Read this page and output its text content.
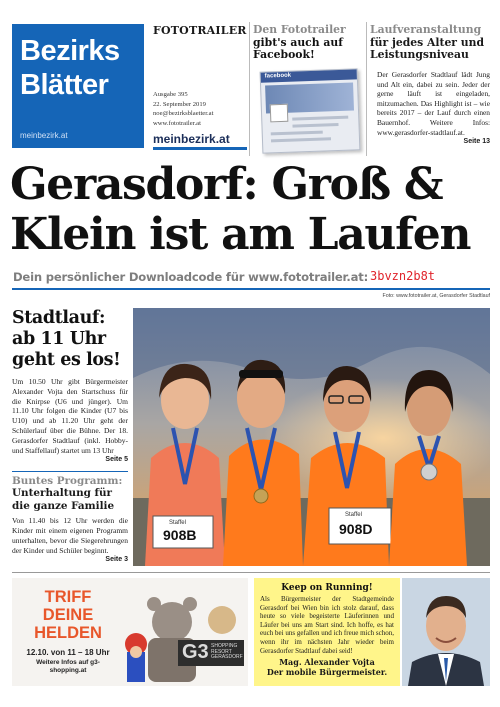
Bezirks
Blätter
meinbezirk.at
FOTOTRAILER
Ausgabe 395
22. September 2019
noe@bezirksblaetter.at
www.fototrailer.at
meinbezirk.at
Den Fototrailer
gibt's auch auf Facebook!
facebook
Laufveranstaltung
für jedes Alter und Leistungsniveau
Der Gerasdorfer Stadtlauf lädt Jung und Alt ein, dabei zu sein. Jeder der gerne läuft ist eingeladen, mitzumachen. Das Highlight ist – wie bereits 2017 – der Lauf durch einen Bauernhof. Weitere Infos: www.gerasdorfer-stadtlauf.at.
Seite 13
Gerasdorf: Groß &
Klein ist am Laufen
Dein persönlicher Downloadcode für www.fototrailer.at: 3bvzn2b8t
Foto: www.fototrailer.at, Gerasdorfer Stadtlauf
Stadtlauf: ab 11 Uhr geht es los!
Um 10.50 Uhr gibt Bürgermeister Alexander Vojta den Startschuss für die Knirpse (U6 und jünger). Um 11.10 Uhr folgen die Kinder (U7 bis U10) und ab 11.20 Uhr geht der Schülerlauf über die Bühne. Der 18. Gerasdorfer Stadtlauf (inkl. Hobby- und Staffellauf) startet um 13 Uhr
Seite 5
Buntes Programm:
Unterhaltung für die ganze Familie
Von 11.40 bis 12 Uhr werden die Kinder mit einem eigenen Programm unterhalten, bevor die Siegerehrungen der Kinder und Schüler beginnt.
Seite 3
908B
Staffel	908D
Staffel
TRIFF DEINE HELDEN
12.10. von 11 – 18 Uhr
Weitere Infos auf g3-shopping.at
G3 SHOPPING RESORT GERASDORF
Keep on Running!
Als Bürgermeister der Stadtgemeinde Gerasdorf bei Wien bin ich stolz darauf, dass heute so viele begeisterte Läuferinnen und Läufer bei uns am Start sind. Ich hoffe, es hat euch bei uns gefallen und ich freue mich schon, wenn ihr im nächsten Jahr wieder beim Gerasdorfer Stadtlauf dabei seid!
Mag. Alexander Vojta
Der mobile Bürgermeister.
